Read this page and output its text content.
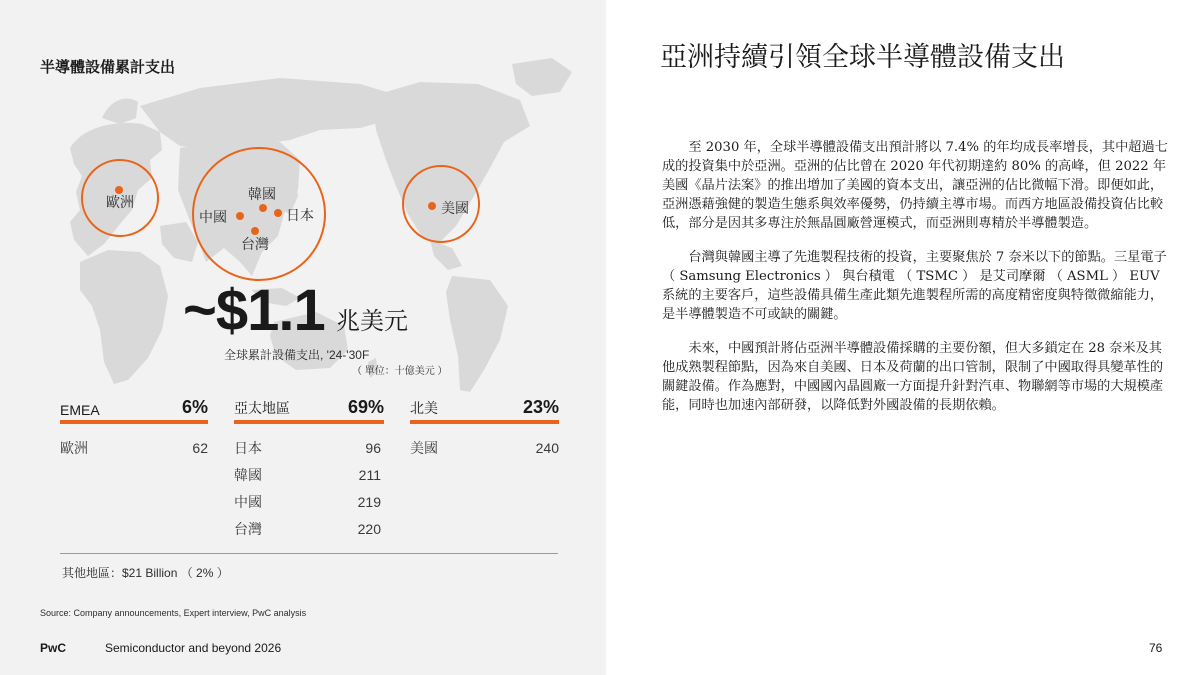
半導體設備累計支出
歐洲	韓國
中國	日本
台灣
美國
~$1.1 兆美元
全球累計設備支出, '24-'30F
（ 單位：十億美元 ）
EMEA	6%
歐洲	62
亞太地區	69%
日本	96
韓國	211
中國	219
台灣	220
北美	23%
美國	240
其他地區：$21 Billion （ 2% ）
Source: Company announcements, Expert interview, PwC analysis
PwC	Semiconductor and beyond 2026
亞洲持續引領全球半導體設備支出

至 2030 年，全球半導體設備支出預計將以 7.4% 的年均成長率增長，其中超過七成的投資集中於亞洲。亞洲的佔比曾在 2020 年代初期達約 80% 的高峰，但 2022 年美國《晶片法案》的推出增加了美國的資本支出，讓亞洲的佔比微幅下滑。即便如此，亞洲憑藉強健的製造生態系與效率優勢，仍持續主導市場。而西方地區設備投資佔比較低，部分是因其多專注於無晶圓廠營運模式，而亞洲則專精於半導體製造。

台灣與韓國主導了先進製程技術的投資，主要聚焦於 7 奈米以下的節點。三星電子 （ Samsung Electronics ） 與台積電 （ TSMC ） 是艾司摩爾 （ ASML ） EUV 系統的主要客戶，這些設備具備生產此類先進製程所需的高度精密度與特徵微縮能力，是半導體製造不可或缺的關鍵。

未來，中國預計將佔亞洲半導體設備採購的主要份額，但大多鎖定在 28 奈米及其他成熟製程節點，因為來自美國、日本及荷蘭的出口管制，限制了中國取得具變革性的關鍵設備。作為應對，中國國內晶圓廠一方面提升針對汽車、物聯網等市場的大規模產能，同時也加速內部研發，以降低對外國設備的長期依賴。

76
